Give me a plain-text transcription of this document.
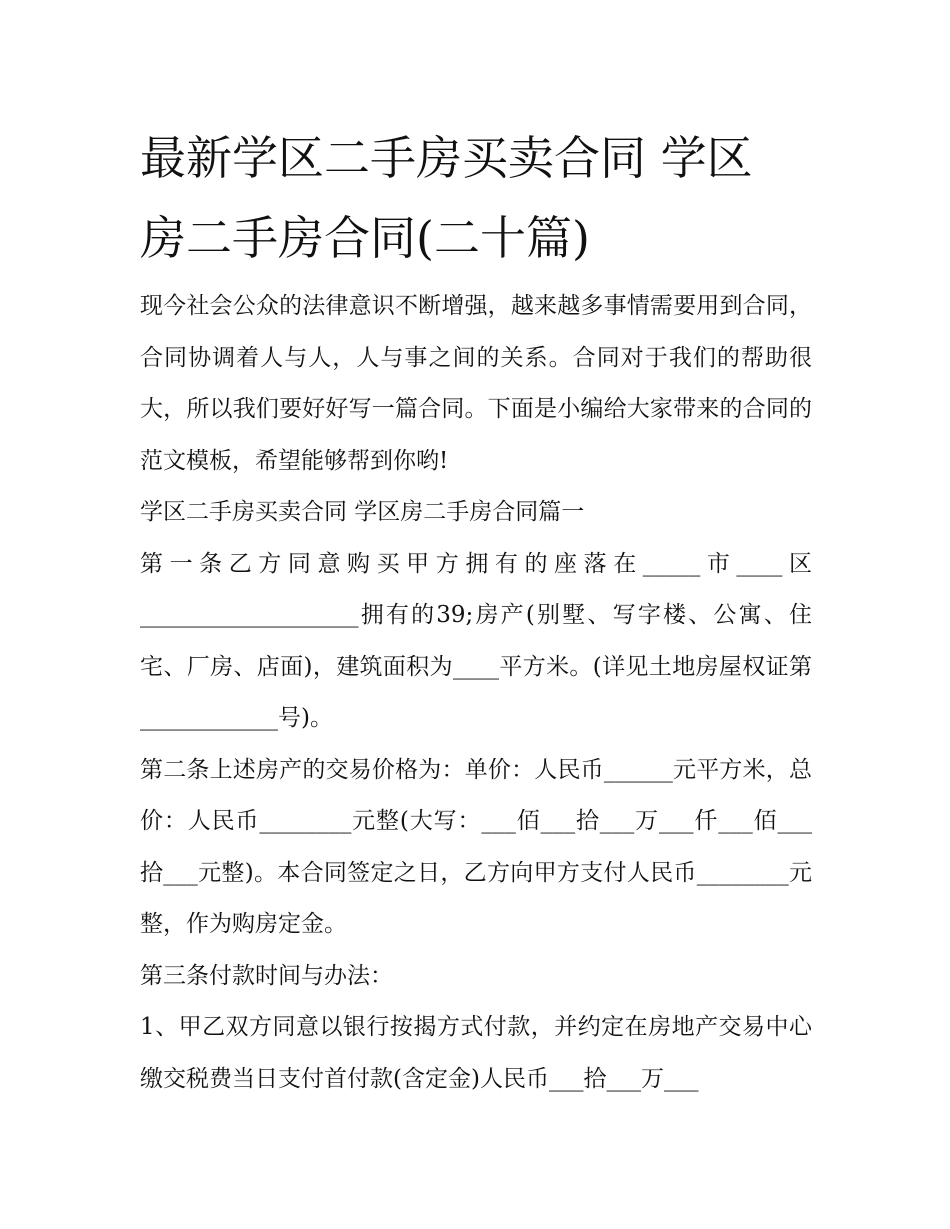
最新学区二手房买卖合同 学区
房二手房合同(二十篇)

现今社会公众的法律意识不断增强，越来越多事情需要用到合同，合同协调着人与人，人与事之间的关系。合同对于我们的帮助很大，所以我们要好好写一篇合同。下面是小编给大家带来的合同的范文模板，希望能够帮到你哟!

学区二手房买卖合同 学区房二手房合同篇一

第一条乙方同意购买甲方拥有的座落在_____市____区___________________拥有的39;房产(别墅、写字楼、公寓、住宅、厂房、店面)，建筑面积为____平方米。(详见土地房屋权证第____________号)。

第二条上述房产的交易价格为：单价：人民币______元平方米，总价：人民币________元整(大写：___佰___拾___万___仟___佰___拾___元整)。本合同签定之日，乙方向甲方支付人民币________元整，作为购房定金。

第三条付款时间与办法：

1、甲乙双方同意以银行按揭方式付款，并约定在房地产交易中心缴交税费当日支付首付款(含定金)人民币___拾___万___
